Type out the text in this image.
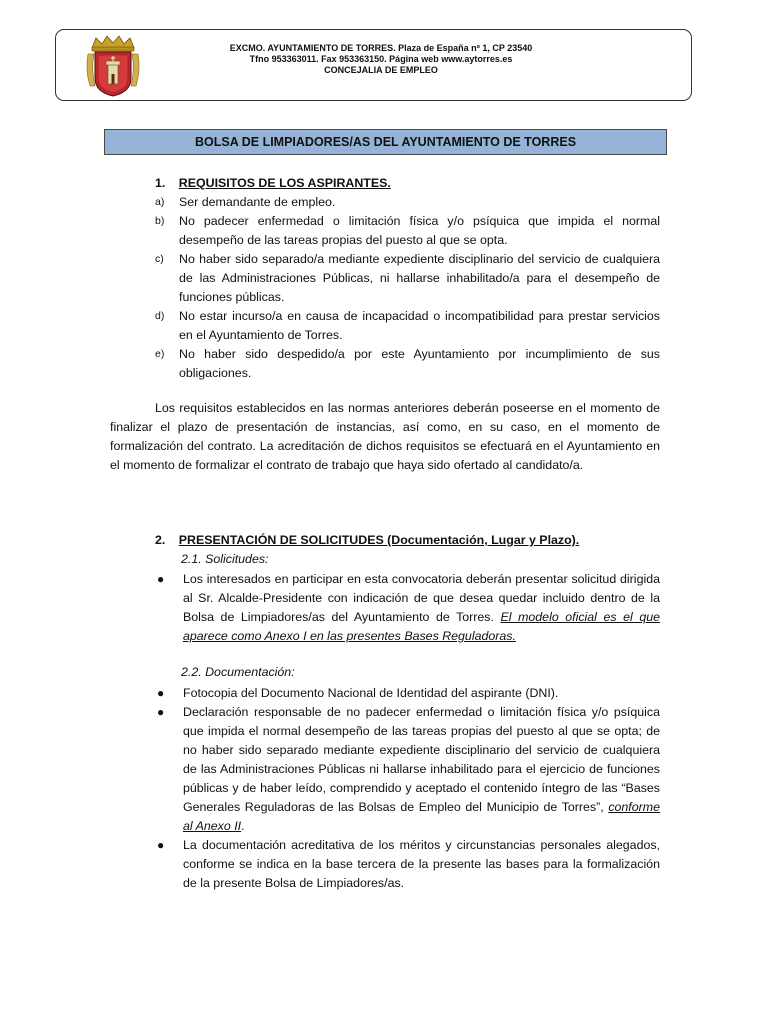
EXCMO. AYUNTAMIENTO DE TORRES. Plaza de España nº 1, CP 23540
Tfno 953363011. Fax 953363150. Página web www.aytorres.es
CONCEJALIA DE EMPLEO
BOLSA DE LIMPIADORES/AS DEL AYUNTAMIENTO DE TORRES
1. REQUISITOS DE LOS ASPIRANTES.
a) Ser demandante de empleo.
b) No padecer enfermedad o limitación física y/o psíquica que impida el normal desempeño de las tareas propias del puesto al que se opta.
c) No haber sido separado/a mediante expediente disciplinario del servicio de cualquiera de las Administraciones Públicas, ni hallarse inhabilitado/a para el desempeño de funciones públicas.
d) No estar incurso/a en causa de incapacidad o incompatibilidad para prestar servicios en el Ayuntamiento de Torres.
e) No haber sido despedido/a por este Ayuntamiento por incumplimiento de sus obligaciones.
Los requisitos establecidos en las normas anteriores deberán poseerse en el momento de finalizar el plazo de presentación de instancias, así como, en su caso, en el momento de formalización del contrato. La acreditación de dichos requisitos se efectuará en el Ayuntamiento en el momento de formalizar el contrato de trabajo que haya sido ofertado al candidato/a.
2. PRESENTACIÓN DE SOLICITUDES (Documentación, Lugar y Plazo).
2.1. Solicitudes:
● Los interesados en participar en esta convocatoria deberán presentar solicitud dirigida al Sr. Alcalde-Presidente con indicación de que desea quedar incluido dentro de la Bolsa de Limpiadores/as del Ayuntamiento de Torres. El modelo oficial es el que aparece como Anexo I en las presentes Bases Reguladoras.
2.2. Documentación:
● Fotocopia del Documento Nacional de Identidad del aspirante (DNI).
● Declaración responsable de no padecer enfermedad o limitación física y/o psíquica que impida el normal desempeño de las tareas propias del puesto al que se opta; de no haber sido separado mediante expediente disciplinario del servicio de cualquiera de las Administraciones Públicas ni hallarse inhabilitado para el ejercicio de funciones públicas y de haber leído, comprendido y aceptado el contenido íntegro de las “Bases Generales Reguladoras de las Bolsas de Empleo del Municipio de Torres”, conforme al Anexo II.
● La documentación acreditativa de los méritos y circunstancias personales alegados, conforme se indica en la base tercera de la presente las bases para la formalización de la presente Bolsa de Limpiadores/as.
